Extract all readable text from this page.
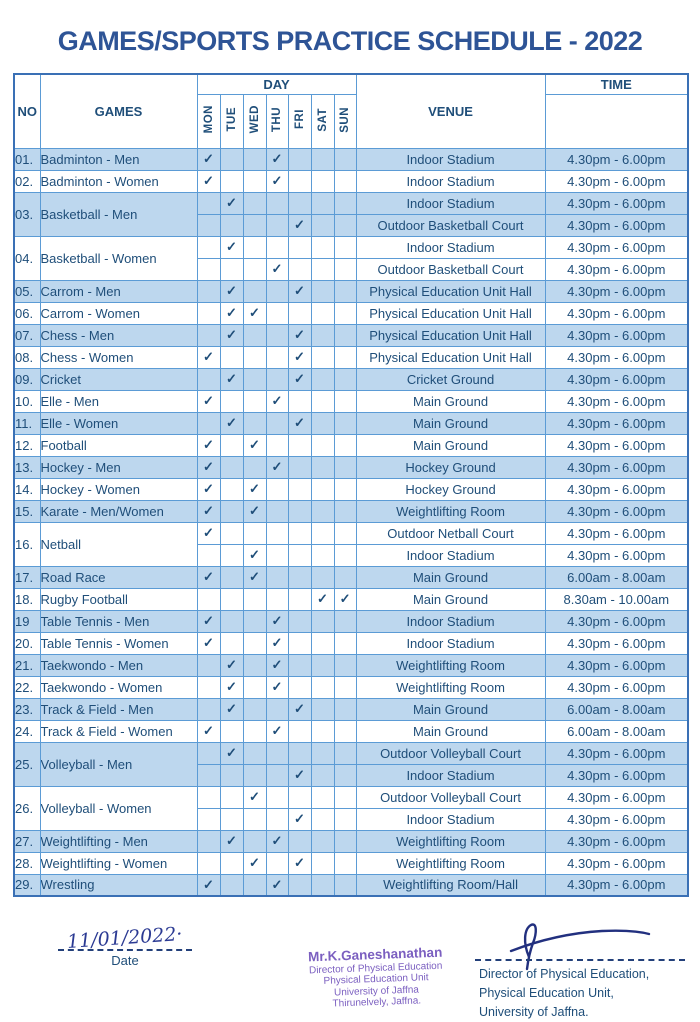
GAMES/SPORTS PRACTICE SCHEDULE - 2022
NO	GAMES	DAY							VENUE	TIME
		MON	TUE	WED	THU	FRI	SAT	SUN		
01.	Badminton - Men	✓			✓				Indoor Stadium	4.30pm - 6.00pm
02.	Badminton - Women	✓			✓				Indoor Stadium	4.30pm - 6.00pm
03.	Basketball - Men		✓						Indoor Stadium	4.30pm - 6.00pm
						✓			Outdoor Basketball Court	4.30pm - 6.00pm
04.	Basketball - Women		✓						Indoor Stadium	4.30pm - 6.00pm
					✓				Outdoor Basketball Court	4.30pm - 6.00pm
05.	Carrom - Men		✓			✓			Physical Education Unit Hall	4.30pm - 6.00pm
06.	Carrom - Women		✓	✓					Physical Education Unit Hall	4.30pm - 6.00pm
07.	Chess - Men		✓			✓			Physical Education Unit Hall	4.30pm - 6.00pm
08.	Chess - Women	✓				✓			Physical Education Unit Hall	4.30pm - 6.00pm
09.	Cricket		✓			✓			Cricket Ground	4.30pm - 6.00pm
10.	Elle - Men	✓			✓				Main Ground	4.30pm - 6.00pm
11.	Elle - Women		✓			✓			Main Ground	4.30pm - 6.00pm
12.	Football	✓		✓					Main Ground	4.30pm - 6.00pm
13.	Hockey - Men	✓			✓				Hockey Ground	4.30pm - 6.00pm
14.	Hockey - Women	✓		✓					Hockey Ground	4.30pm - 6.00pm
15.	Karate - Men/Women	✓		✓					Weightlifting Room	4.30pm - 6.00pm
16.	Netball	✓							Outdoor Netball Court	4.30pm - 6.00pm
				✓					Indoor Stadium	4.30pm - 6.00pm
17.	Road Race	✓		✓					Main Ground	6.00am - 8.00am
18.	Rugby Football						✓	✓	Main Ground	8.30am - 10.00am
19	Table Tennis - Men	✓			✓				Indoor Stadium	4.30pm - 6.00pm
20.	Table Tennis - Women	✓			✓				Indoor Stadium	4.30pm - 6.00pm
21.	Taekwondo - Men		✓		✓				Weightlifting Room	4.30pm - 6.00pm
22.	Taekwondo - Women		✓		✓				Weightlifting Room	4.30pm - 6.00pm
23.	Track & Field - Men		✓			✓			Main Ground	6.00am - 8.00am
24.	Track & Field - Women	✓			✓				Main Ground	6.00am - 8.00am
25.	Volleyball - Men		✓						Outdoor Volleyball Court	4.30pm - 6.00pm
						✓			Indoor Stadium	4.30pm - 6.00pm
26.	Volleyball - Women			✓					Outdoor Volleyball Court	4.30pm - 6.00pm
						✓			Indoor Stadium	4.30pm - 6.00pm
27.	Weightlifting - Men		✓		✓				Weightlifting Room	4.30pm - 6.00pm
28.	Weightlifting - Women			✓		✓			Weightlifting Room	4.30pm - 6.00pm
29.	Wrestling	✓			✓				Weightlifting Room/Hall	4.30pm - 6.00pm
11/01/2022·
Date	Mr.K.Ganeshanathan
Director of Physical Education
Physical Education Unit
University of Jaffna
Thirunelvely, Jaffna.
Director of Physical Education,
Physical Education Unit,
University of Jaffna.
